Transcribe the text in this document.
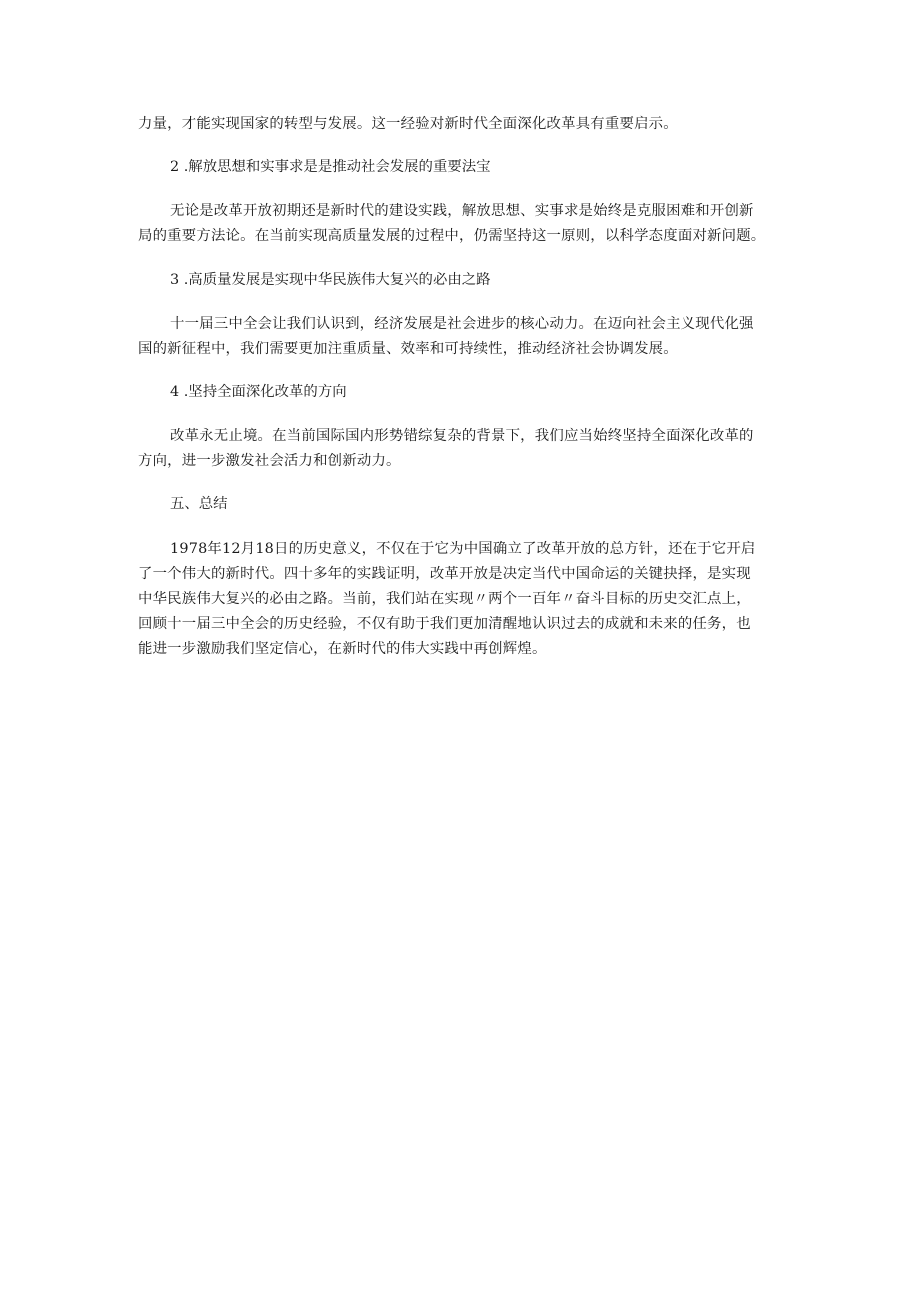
力量，才能实现国家的转型与发展。这一经验对新时代全面深化改革具有重要启示。
2 .解放思想和实事求是是推动社会发展的重要法宝
无论是改革开放初期还是新时代的建设实践，解放思想、实事求是始终是克服困难和开创新
局的重要方法论。在当前实现高质量发展的过程中，仍需坚持这一原则，以科学态度面对新问题。
3 .高质量发展是实现中华民族伟大复兴的必由之路
十一届三中全会让我们认识到，经济发展是社会进步的核心动力。在迈向社会主义现代化强
国的新征程中，我们需要更加注重质量、效率和可持续性，推动经济社会协调发展。
4 .坚持全面深化改革的方向
改革永无止境。在当前国际国内形势错综复杂的背景下，我们应当始终坚持全面深化改革的
方向，进一步激发社会活力和创新动力。
五、总结
1978年12月18日的历史意义，不仅在于它为中国确立了改革开放的总方针，还在于它开启
了一个伟大的新时代。四十多年的实践证明，改革开放是决定当代中国命运的关键抉择，是实现
中华民族伟大复兴的必由之路。当前，我们站在实现〃两个一百年〃奋斗目标的历史交汇点上，
回顾十一届三中全会的历史经验，不仅有助于我们更加清醒地认识过去的成就和未来的任务，也
能进一步激励我们坚定信心，在新时代的伟大实践中再创辉煌。
